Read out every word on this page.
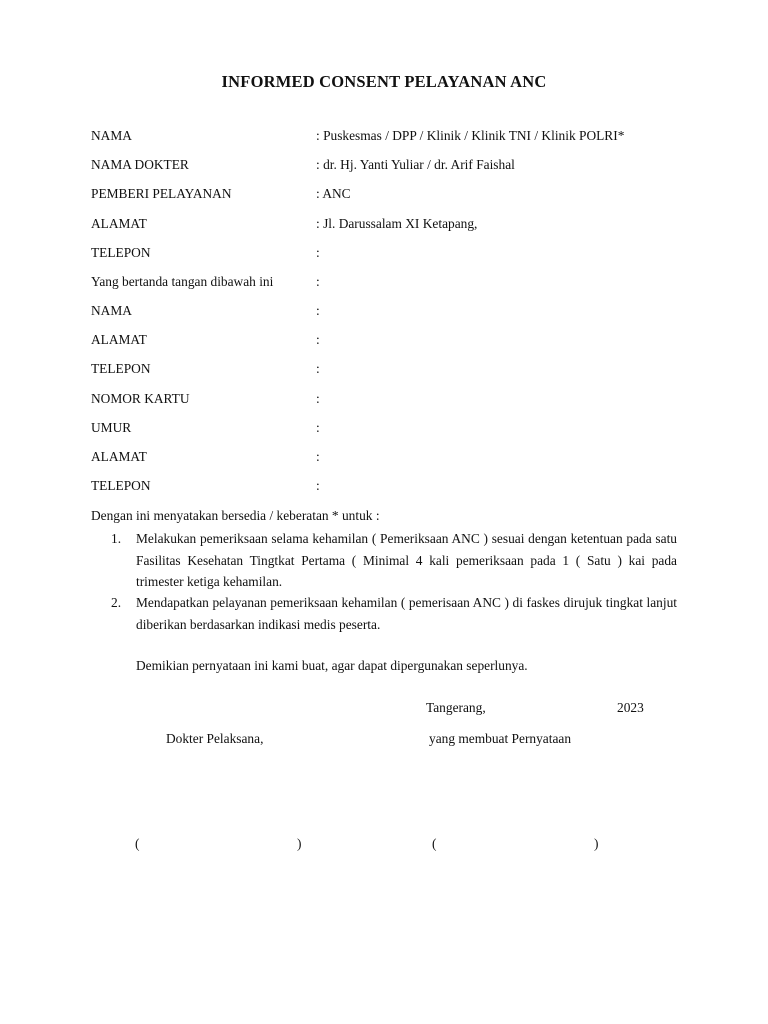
INFORMED CONSENT PELAYANAN ANC
NAMA	: Puskesmas / DPP / Klinik / Klinik TNI / Klinik POLRI*
NAMA DOKTER	: dr. Hj. Yanti Yuliar / dr. Arif Faishal
PEMBERI PELAYANAN	: ANC
ALAMAT	: Jl. Darussalam XI Ketapang,
TELEPON	:
Yang bertanda tangan dibawah ini	:
NAMA	:
ALAMAT	:
TELEPON	:
NOMOR KARTU	:
UMUR	:
ALAMAT	:
TELEPON	:
Dengan ini menyatakan bersedia / keberatan * untuk :
1. Melakukan pemeriksaan selama kehamilan ( Pemeriksaan ANC ) sesuai dengan ketentuan pada satu Fasilitas Kesehatan Tingtkat Pertama ( Minimal 4 kali pemeriksaan pada 1 ( Satu ) kai pada trimester ketiga kehamilan.
2. Mendapatkan pelayanan pemeriksaan kehamilan ( pemerisaan ANC ) di faskes dirujuk tingkat lanjut diberikan berdasarkan indikasi medis peserta.
Demikian pernyataan ini kami buat, agar dapat dipergunakan seperlunya.
Tangerang,	2023
Dokter Pelaksana,	yang membuat Pernyataan
(	)	(	)
